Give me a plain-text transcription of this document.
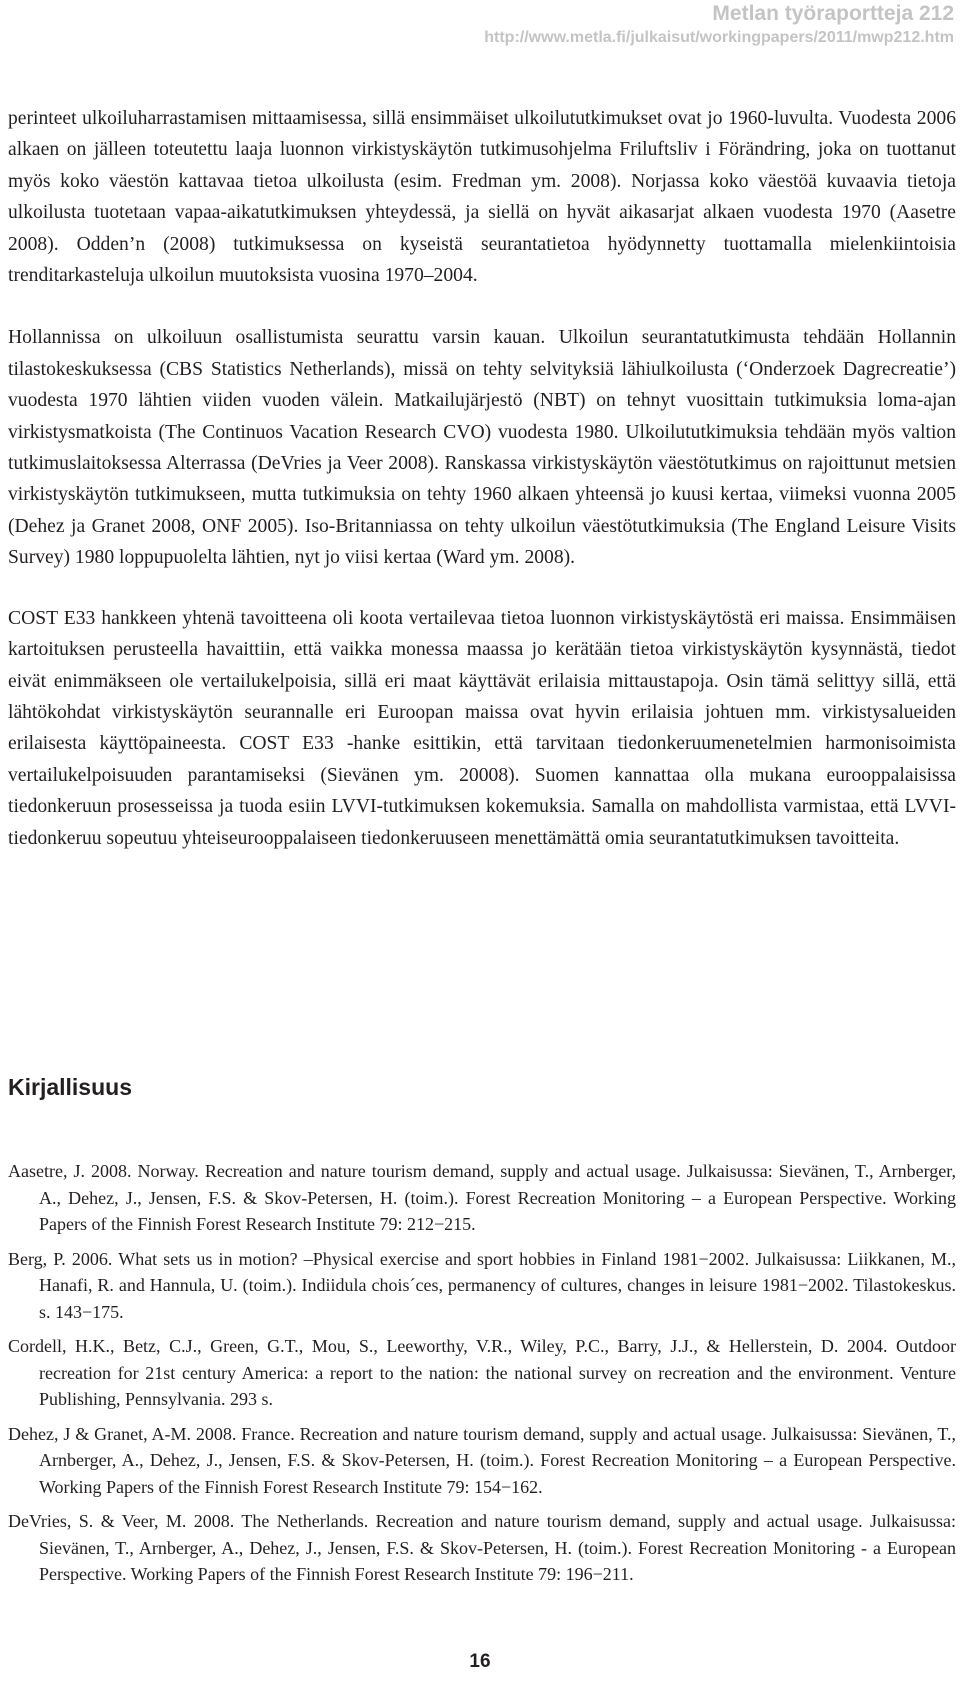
Metlan työraportteja 212
http://www.metla.fi/julkaisut/workingpapers/2011/mwp212.htm

perinteet ulkoiluharrastamisen mittaamisessa, sillä ensimmäiset ulkoilututkimukset ovat jo 1960-luvulta. Vuodesta 2006 alkaen on jälleen toteutettu laaja luonnon virkistyskäytön tutkimusohjelma Friluftsliv i Förändring, joka on tuottanut myös koko väestön kattavaa tietoa ulkoilusta (esim. Fredman ym. 2008). Norjassa koko väestöä kuvaavia tietoja ulkoilusta tuotetaan vapaa-aikatutkimuksen yhteydessä, ja siellä on hyvät aikasarjat alkaen vuodesta 1970 (Aasetre 2008). Odden’n (2008) tutkimuksessa on kyseistä seurantatietoa hyödynnetty tuottamalla mielenkiintoisia trenditarkasteluja ulkoilun muutoksista vuosina 1970–2004.

Hollannissa on ulkoiluun osallistumista seurattu varsin kauan. Ulkoilun seurantatutkimusta tehdään Hollannin tilastokeskuksessa (CBS Statistics Netherlands), missä on tehty selvityksiä lähiulkoilusta (‘Onderzoek Dagrecreatie’) vuodesta 1970 lähtien viiden vuoden välein. Matkailujärjestö (NBT) on tehnyt vuosittain tutkimuksia loma-ajan virkistysmatkoista (The Continuos Vacation Research CVO) vuodesta 1980. Ulkoilututkimuksia tehdään myös valtion tutkimuslaitoksessa Alterrassa (DeVries ja Veer 2008). Ranskassa virkistyskäytön väestötutkimus on rajoittunut metsien virkistyskäytön tutkimukseen, mutta tutkimuksia on tehty 1960 alkaen yhteensä jo kuusi kertaa, viimeksi vuonna 2005 (Dehez ja Granet 2008, ONF 2005). Iso-Britanniassa on tehty ulkoilun väestötutkimuksia (The England Leisure Visits Survey) 1980 loppupuolelta lähtien, nyt jo viisi kertaa (Ward ym. 2008).

COST E33 hankkeen yhtenä tavoitteena oli koota vertailevaa tietoa luonnon virkistyskäytöstä eri maissa. Ensimmäisen kartoituksen perusteella havaittiin, että vaikka monessa maassa jo kerätään tietoa virkistyskäytön kysynnästä, tiedot eivät enimmäkseen ole vertailukelpoisia, sillä eri maat käyttävät erilaisia mittaustapoja. Osin tämä selittyy sillä, että lähtökohdat virkistyskäytön seurannalle eri Euroopan maissa ovat hyvin erilaisia johtuen mm. virkistysalueiden erilaisesta käyttöpaineesta. COST E33 -hanke esittikin, että tarvitaan tiedonkeruumenetelmien harmonisoimista vertailukelpoisuuden parantamiseksi (Sievänen ym. 20008). Suomen kannattaa olla mukana eurooppalaisissa tiedonkeruun prosesseissa ja tuoda esiin LVVI-tutkimuksen kokemuksia. Samalla on mahdollista varmistaa, että LVVI-tiedonkeruu sopeutuu yhteiseurooppalaiseen tiedonkeruuseen menettämättä omia seurantatutkimuksen tavoitteita.

Kirjallisuus

Aasetre, J. 2008. Norway. Recreation and nature tourism demand, supply and actual usage. Julkaisussa: Sievänen, T., Arnberger, A., Dehez, J., Jensen, F.S. & Skov-Petersen, H. (toim.). Forest Recreation Monitoring – a European Perspective. Working Papers of the Finnish Forest Research Institute 79: 212−215.

Berg, P. 2006. What sets us in motion? –Physical exercise and sport hobbies in Finland 1981−2002. Julkaisussa: Liikkanen, M., Hanafi, R. and Hannula, U. (toim.). Indiidula chois´ces, permanency of cultures, changes in leisure 1981−2002. Tilastokeskus. s. 143−175.

Cordell, H.K., Betz, C.J., Green, G.T., Mou, S., Leeworthy, V.R., Wiley, P.C., Barry, J.J., & Hellerstein, D. 2004. Outdoor recreation for 21st century America: a report to the nation: the national survey on recreation and the environment. Venture Publishing, Pennsylvania. 293 s.

Dehez, J & Granet, A-M. 2008. France. Recreation and nature tourism demand, supply and actual usage. Julkaisussa: Sievänen, T., Arnberger, A., Dehez, J., Jensen, F.S. & Skov-Petersen, H. (toim.). Forest Recreation Monitoring – a European Perspective. Working Papers of the Finnish Forest Research Institute 79: 154−162.

DeVries, S. & Veer, M. 2008. The Netherlands. Recreation and nature tourism demand, supply and actual usage. Julkaisussa: Sievänen, T., Arnberger, A., Dehez, J., Jensen, F.S. & Skov-Petersen, H. (toim.). Forest Recreation Monitoring - a European Perspective. Working Papers of the Finnish Forest Research Institute 79: 196−211.

16
